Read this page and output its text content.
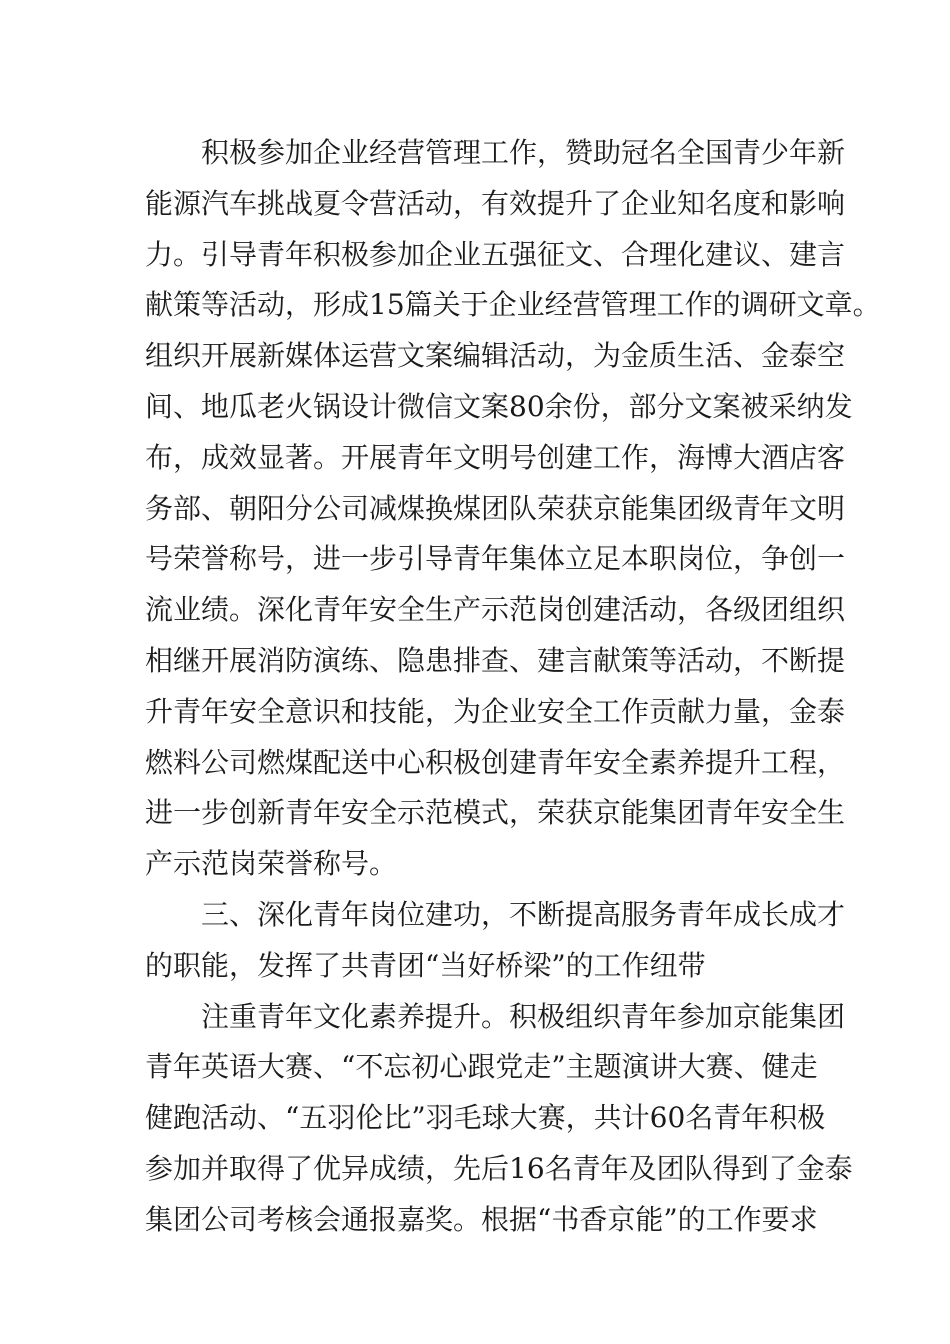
积极参加企业经营管理工作，赞助冠名全国青少年新
能源汽车挑战夏令营活动，有效提升了企业知名度和影响
力。引导青年积极参加企业五强征文、合理化建议、建言
献策等活动，形成15篇关于企业经营管理工作的调研文章。
组织开展新媒体运营文案编辑活动，为金质生活、金泰空
间、地瓜老火锅设计微信文案80余份，部分文案被采纳发
布，成效显著。开展青年文明号创建工作，海博大酒店客
务部、朝阳分公司减煤换煤团队荣获京能集团级青年文明
号荣誉称号，进一步引导青年集体立足本职岗位，争创一
流业绩。深化青年安全生产示范岗创建活动，各级团组织
相继开展消防演练、隐患排查、建言献策等活动，不断提
升青年安全意识和技能，为企业安全工作贡献力量，金泰
燃料公司燃煤配送中心积极创建青年安全素养提升工程，
进一步创新青年安全示范模式，荣获京能集团青年安全生
产示范岗荣誉称号。
三、深化青年岗位建功，不断提高服务青年成长成才
的职能，发挥了共青团“当好桥梁”的工作纽带
注重青年文化素养提升。积极组织青年参加京能集团
青年英语大赛、“不忘初心跟党走”主题演讲大赛、健走
健跑活动、“五羽伦比”羽毛球大赛，共计60名青年积极
参加并取得了优异成绩，先后16名青年及团队得到了金泰
集团公司考核会通报嘉奖。根据“书香京能”的工作要求
